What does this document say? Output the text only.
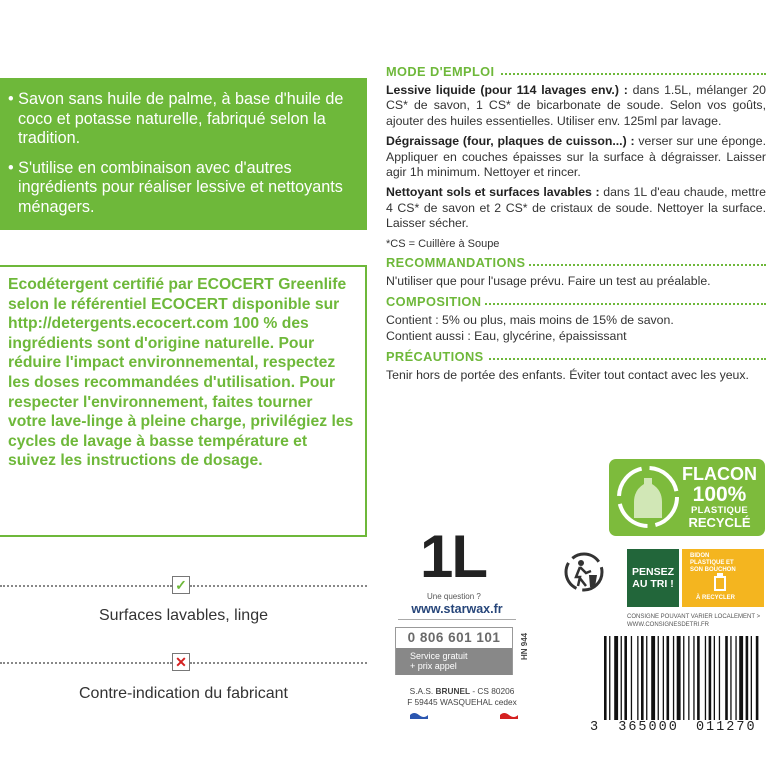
• Savon sans huile de palme, à base d'huile de coco et potasse naturelle, fabriqué selon la tradition.

• S'utilise en combinaison avec d'autres ingrédients pour réaliser lessive et nettoyants ménagers.

Ecodétergent certifié par ECOCERT Greenlife selon le référentiel ECOCERT disponible sur http://detergents.ecocert.com 100 % des ingrédients sont d'origine naturelle. Pour réduire l'impact environnemental, respectez les doses recommandées d'utilisation. Pour respecter l'environnement, faites tourner votre lave-linge à pleine charge, privilégiez les cycles de lavage à basse température et suivez les instructions de dosage.

✓
Surfaces lavables, linge
✕
Contre-indication du fabricant
MODE D'EMPLOI

Lessive liquide (pour 114 lavages env.) : dans 1.5L, mélanger 20 CS* de savon, 1 CS* de bicarbonate de soude. Selon vos goûts, ajouter des huiles essentielles. Utiliser env. 125ml par lavage.

Dégraissage (four, plaques de cuisson...) : verser sur une éponge. Appliquer en couches épaisses sur la surface à dégraisser. Laisser agir 1h minimum. Nettoyer et rincer.

Nettoyant sols et surfaces lavables : dans 1L d'eau chaude, mettre 4 CS* de savon et 2 CS* de cristaux de soude. Nettoyer la surface. Laisser sécher.

*CS = Cuillère à Soupe

RECOMMANDATIONS

N'utiliser que pour l'usage prévu. Faire un test au préalable.

COMPOSITION

Contient : 5% ou plus, mais moins de 15% de savon.

Contient aussi : Eau, glycérine, épaississant

PRÉCAUTIONS

Tenir hors de portée des enfants. Éviter tout contact avec les yeux.

1L
Une question ?
www.starwax.fr
0 806 601 101
Service gratuit
+ prix appel
HN 944
S.A.S. BRUNEL - CS 80206
F 59445 WASQUEHAL cedex
FLACON
100%
PLASTIQUE
RECYCLÉ
PENSEZ AU TRI !
BIDON PLASTIQUE ET SON BOUCHON
À RECYCLER
CONSIGNE POUVANT VARIER LOCALEMENT >
WWW.CONSIGNESDETRI.FR
3 365000 011270
